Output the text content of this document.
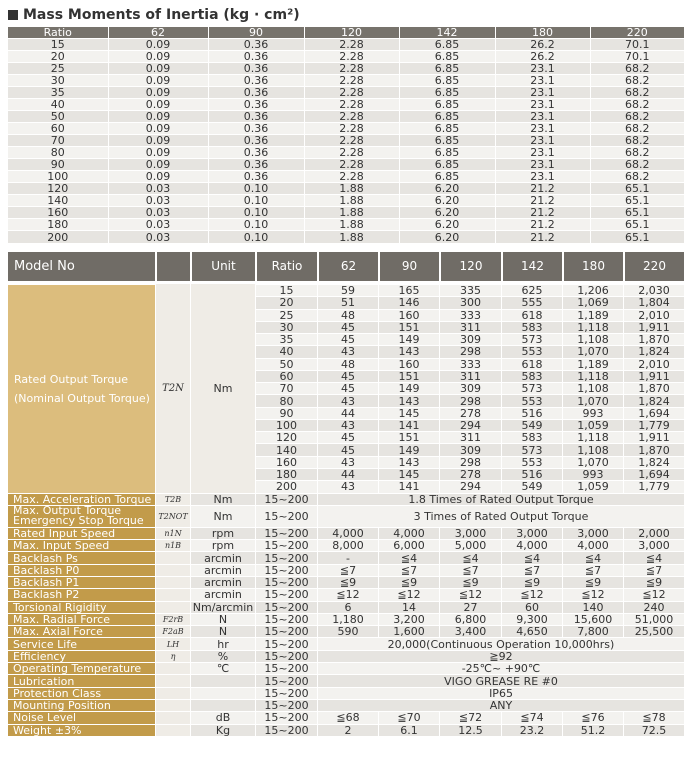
Mass Moments of Inertia (kg · cm²)
Ratio	62	90	120	142	180	220
15	0.09	0.36	2.28	6.85	26.2	70.1
20	0.09	0.36	2.28	6.85	26.2	70.1
25	0.09	0.36	2.28	6.85	23.1	68.2
30	0.09	0.36	2.28	6.85	23.1	68.2
35	0.09	0.36	2.28	6.85	23.1	68.2
40	0.09	0.36	2.28	6.85	23.1	68.2
50	0.09	0.36	2.28	6.85	23.1	68.2
60	0.09	0.36	2.28	6.85	23.1	68.2
70	0.09	0.36	2.28	6.85	23.1	68.2
80	0.09	0.36	2.28	6.85	23.1	68.2
90	0.09	0.36	2.28	6.85	23.1	68.2
100	0.09	0.36	2.28	6.85	23.1	68.2
120	0.03	0.10	1.88	6.20	21.2	65.1
140	0.03	0.10	1.88	6.20	21.2	65.1
160	0.03	0.10	1.88	6.20	21.2	65.1
180	0.03	0.10	1.88	6.20	21.2	65.1
200	0.03	0.10	1.88	6.20	21.2	65.1
Model No		Unit	Ratio	62	90	120	142	180	220

Rated Output Torque
(Nominal Output Torque)	T2N	Nm	15	59	165	335	625	1,206	2,030
			20	51	146	300	555	1,069	1,804
			25	48	160	333	618	1,189	2,010
			30	45	151	311	583	1,118	1,911
			35	45	149	309	573	1,108	1,870
			40	43	143	298	553	1,070	1,824
			50	48	160	333	618	1,189	2,010
			60	45	151	311	583	1,118	1,911
			70	45	149	309	573	1,108	1,870
			80	43	143	298	553	1,070	1,824
			90	44	145	278	516	993	1,694
			100	43	141	294	549	1,059	1,779
			120	45	151	311	583	1,118	1,911
			140	45	149	309	573	1,108	1,870
			160	43	143	298	553	1,070	1,824
			180	44	145	278	516	993	1,694
			200	43	141	294	549	1,059	1,779
Max. Acceleration Torque	T2B	Nm	15~200	1.8 Times of Rated Output Torque					
Max. Output Torque Emergency Stop Torque	T2NOT	Nm	15~200	3 Times of Rated Output Torque					
Rated Input Speed	n1N	rpm	15~200	4,000	4,000	3,000	3,000	3,000	2,000
Max. Input Speed	n1B	rpm	15~200	8,000	6,000	5,000	4,000	4,000	3,000
Backlash Ps		arcmin	15~200	-	≦4	≦4	≦4	≦4	≦4
Backlash P0		arcmin	15~200	≦7	≦7	≦7	≦7	≦7	≦7
Backlash P1		arcmin	15~200	≦9	≦9	≦9	≦9	≦9	≦9
Backlash P2		arcmin	15~200	≦12	≦12	≦12	≦12	≦12	≦12
Torsional Rigidity		Nm/arcmin	15~200	6	14	27	60	140	240
Max. Radial Force	F2rB	N	15~200	1,180	3,200	6,800	9,300	15,600	51,000
Max. Axial Force	F2aB	N	15~200	590	1,600	3,400	4,650	7,800	25,500
Service Life	LH	hr	15~200	20,000(Continuous Operation 10,000hrs)					
Efficiency	η	%	15~200	≧92					
Operating Temperature		℃	15~200	-25℃~ +90℃					
Lubrication			15~200	VIGO GREASE RE #0					
Protection Class			15~200	IP65					
Mounting Position			15~200	ANY					
Noise Level		dB	15~200	≦68	≦70	≦72	≦74	≦76	≦78
Weight ±3%		Kg	15~200	2	6.1	12.5	23.2	51.2	72.5
